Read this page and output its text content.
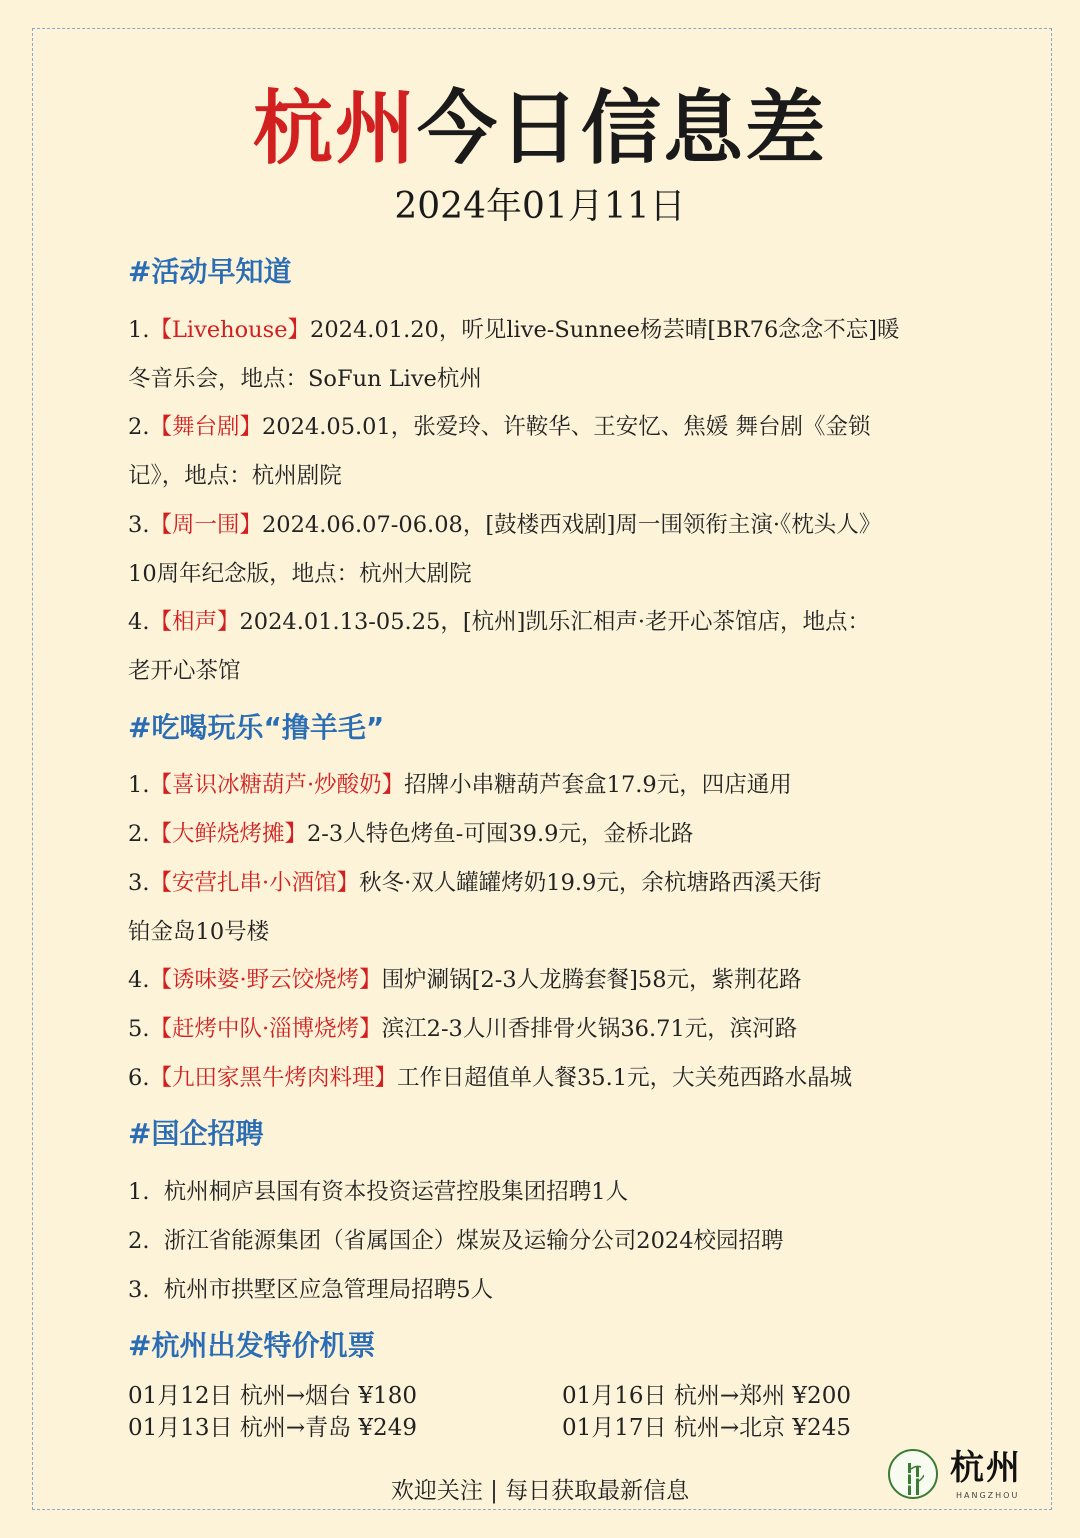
杭州今日信息差
2024年01月11日
#活动早知道
1.【Livehouse】2024.01.20，听见live-Sunnee杨芸晴[BR76念念不忘]暖
冬音乐会，地点：SoFun Live杭州
2.【舞台剧】2024.05.01，张爱玲、许鞍华、王安忆、焦媛 舞台剧《金锁
记》，地点：杭州剧院
3.【周一围】2024.06.07-06.08，[鼓楼西戏剧]周一围领衔主演·《枕头人》
10周年纪念版，地点：杭州大剧院
4.【相声】2024.01.13-05.25，[杭州]凯乐汇相声·老开心茶馆店，地点：
老开心茶馆
#吃喝玩乐“撸羊毛”
1.【喜识冰糖葫芦·炒酸奶】招牌小串糖葫芦套盒17.9元，四店通用
2.【大鲜烧烤摊】2-3人特色烤鱼-可囤39.9元，金桥北路
3.【安营扎串·小酒馆】秋冬·双人罐罐烤奶19.9元，余杭塘路西溪天街
铂金岛10号楼
4.【诱味婆·野云饺烧烤】围炉涮锅[2-3人龙腾套餐]58元，紫荆花路
5.【赶烤中队·淄博烧烤】滨江2-3人川香排骨火锅36.71元，滨河路
6.【九田家黑牛烤肉料理】工作日超值单人餐35.1元，大关苑西路水晶城
#国企招聘
1. 杭州桐庐县国有资本投资运营控股集团招聘1人
2. 浙江省能源集团（省属国企）煤炭及运输分公司2024校园招聘
3. 杭州市拱墅区应急管理局招聘5人
#杭州出发特价机票
01月12日 杭州→烟台 ¥180	01月16日 杭州→郑州 ¥200
01月13日 杭州→青岛 ¥249	01月17日 杭州→北京 ¥245
欢迎关注 | 每日获取最新信息
杭州
HANGZHOU
